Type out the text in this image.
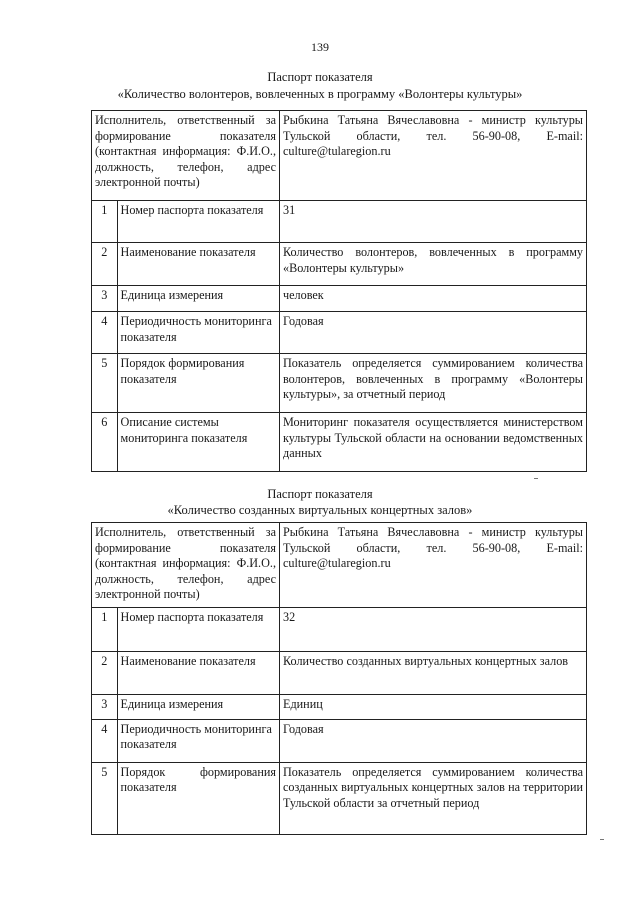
139
Паспорт показателя
«Количество волонтеров, вовлеченных в программу «Волонтеры культуры»
Исполнитель, ответственный за формирование показателя (контактная информация: Ф.И.О., должность, телефон, адрес электронной почты)		Рыбкина Татьяна Вячеславовна - министр культуры Тульской области, тел. 56-90-08, E-mail: culture@tularegion.ru
1	Номер паспорта показателя	31
2	Наименование показателя	Количество волонтеров, вовлеченных в программу «Волонтеры культуры»
3	Единица измерения	человек
4	Периодичность мониторинга показателя	Годовая
5	Порядок формирования показателя	Показатель определяется суммированием количества волонтеров, вовлеченных в программу «Волонтеры культуры», за отчетный период
6	Описание системы мониторинга показателя	Мониторинг показателя осуществляется министерством культуры Тульской области на основании ведомственных данных
Паспорт показателя
«Количество созданных виртуальных концертных залов»
Исполнитель, ответственный за формирование показателя (контактная информация: Ф.И.О., должность, телефон, адрес электронной почты)		Рыбкина Татьяна Вячеславовна - министр культуры Тульской области, тел. 56-90-08, E-mail: culture@tularegion.ru
1	Номер паспорта показателя	32
2	Наименование показателя	Количество созданных виртуальных концертных залов
3	Единица измерения	Единиц
4	Периодичность мониторинга показателя	Годовая
5	Порядок формирования показателя	Показатель определяется суммированием количества созданных виртуальных концертных залов на территории Тульской области за отчетный период
